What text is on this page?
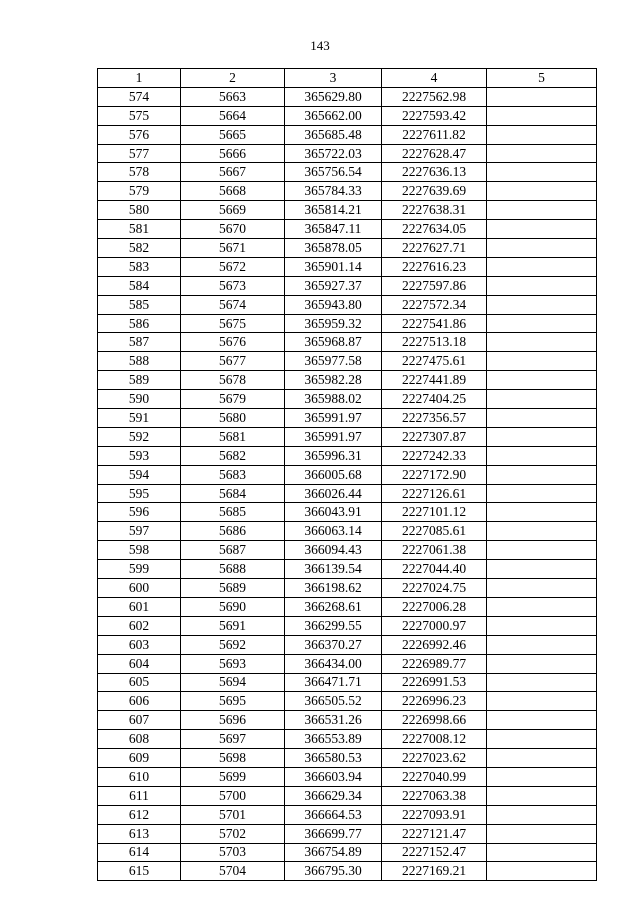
143
1	2	3	4	5
574	5663	365629.80	2227562.98	
575	5664	365662.00	2227593.42	
576	5665	365685.48	2227611.82	
577	5666	365722.03	2227628.47	
578	5667	365756.54	2227636.13	
579	5668	365784.33	2227639.69	
580	5669	365814.21	2227638.31	
581	5670	365847.11	2227634.05	
582	5671	365878.05	2227627.71	
583	5672	365901.14	2227616.23	
584	5673	365927.37	2227597.86	
585	5674	365943.80	2227572.34	
586	5675	365959.32	2227541.86	
587	5676	365968.87	2227513.18	
588	5677	365977.58	2227475.61	
589	5678	365982.28	2227441.89	
590	5679	365988.02	2227404.25	
591	5680	365991.97	2227356.57	
592	5681	365991.97	2227307.87	
593	5682	365996.31	2227242.33	
594	5683	366005.68	2227172.90	
595	5684	366026.44	2227126.61	
596	5685	366043.91	2227101.12	
597	5686	366063.14	2227085.61	
598	5687	366094.43	2227061.38	
599	5688	366139.54	2227044.40	
600	5689	366198.62	2227024.75	
601	5690	366268.61	2227006.28	
602	5691	366299.55	2227000.97	
603	5692	366370.27	2226992.46	
604	5693	366434.00	2226989.77	
605	5694	366471.71	2226991.53	
606	5695	366505.52	2226996.23	
607	5696	366531.26	2226998.66	
608	5697	366553.89	2227008.12	
609	5698	366580.53	2227023.62	
610	5699	366603.94	2227040.99	
611	5700	366629.34	2227063.38	
612	5701	366664.53	2227093.91	
613	5702	366699.77	2227121.47	
614	5703	366754.89	2227152.47	
615	5704	366795.30	2227169.21	
